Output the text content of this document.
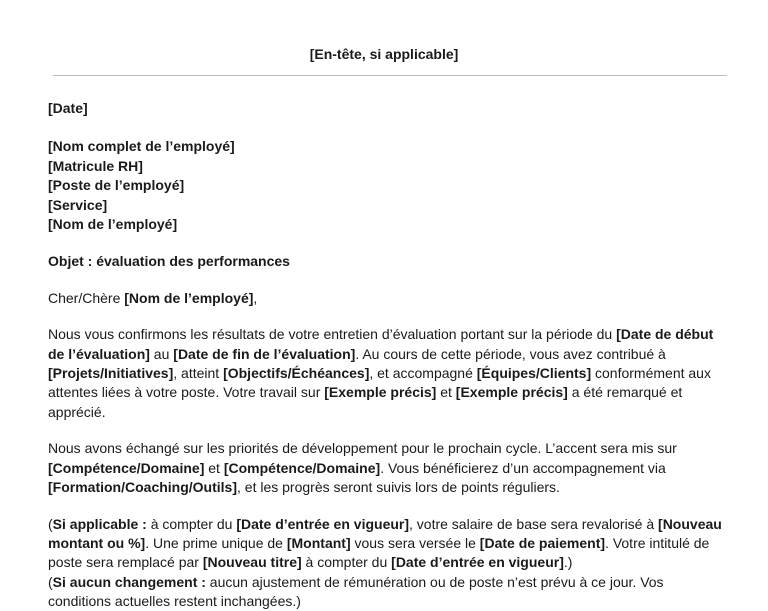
[En-tête, si applicable]
[Date]
[Nom complet de l’employé]
[Matricule RH]
[Poste de l’employé]
[Service]
[Nom de l’employé]
Objet : évaluation des performances
Cher/Chère [Nom de l’employé],
Nous vous confirmons les résultats de votre entretien d’évaluation portant sur la période du [Date de début de l’évaluation] au [Date de fin de l’évaluation]. Au cours de cette période, vous avez contribué à [Projets/Initiatives], atteint [Objectifs/Échéances], et accompagné [Équipes/Clients] conformément aux attentes liées à votre poste. Votre travail sur [Exemple précis] et [Exemple précis] a été remarqué et apprécié.
Nous avons échangé sur les priorités de développement pour le prochain cycle. L’accent sera mis sur [Compétence/Domaine] et [Compétence/Domaine]. Vous bénéficierez d’un accompagnement via [Formation/Coaching/Outils], et les progrès seront suivis lors de points réguliers.

(Si applicable : à compter du [Date d’entrée en vigueur], votre salaire de base sera revalorisé à [Nouveau montant ou %]. Une prime unique de [Montant] vous sera versée le [Date de paiement]. Votre intitulé de poste sera remplacé par [Nouveau titre] à compter du [Date d’entrée en vigueur].)

(Si aucun changement : aucun ajustement de rémunération ou de poste n’est prévu à ce jour. Vos conditions actuelles restent inchangées.)
